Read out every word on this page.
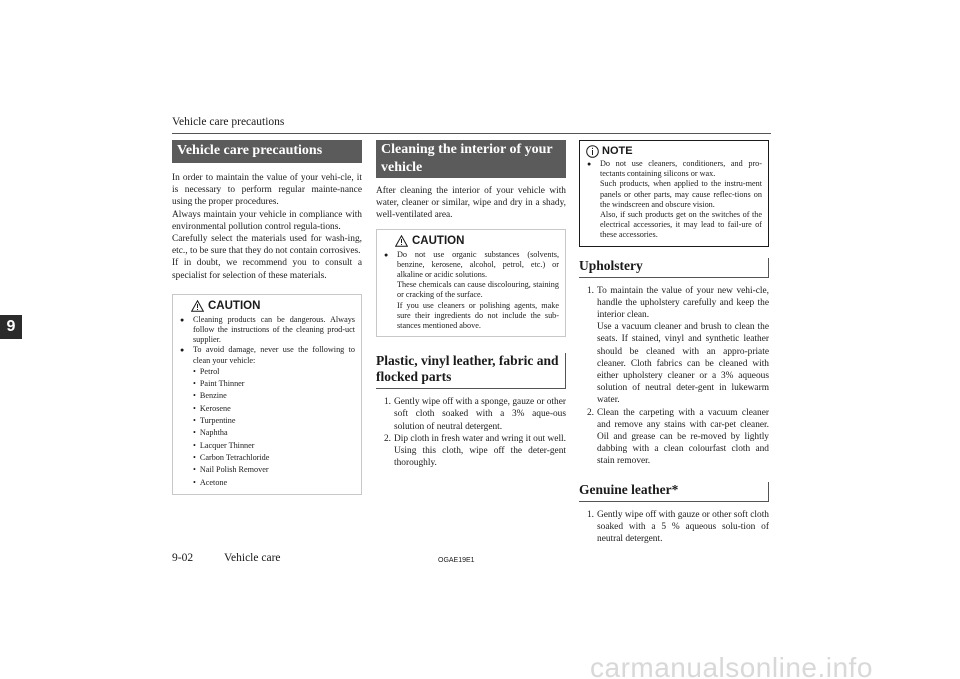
Vehicle care precautions
9
Vehicle care precautions
In order to maintain the value of your vehi-cle, it is necessary to perform regular mainte-nance using the proper procedures.
Always maintain your vehicle in compliance with environmental pollution control regula-tions.
Carefully select the materials used for wash-ing, etc., to be sure that they do not contain corrosives.
If in doubt, we recommend you to consult a specialist for selection of these materials.
CAUTION
●	Cleaning products can be dangerous. Always follow the instructions of the cleaning prod-uct supplier.
●	To avoid damage, never use the following to clean your vehicle:
• Petrol
• Paint Thinner
• Benzine
• Kerosene
• Turpentine
• Naphtha
• Lacquer Thinner
• Carbon Tetrachloride
• Nail Polish Remover
• Acetone
Cleaning the interior of your vehicle
After cleaning the interior of your vehicle with water, cleaner or similar, wipe and dry in a shady, well-ventilated area.
CAUTION
●	Do not use organic substances (solvents, benzine, kerosene, alcohol, petrol, etc.) or alkaline or acidic solutions.
These chemicals can cause discolouring, staining or cracking of the surface.
If you use cleaners or polishing agents, make sure their ingredients do not include the sub-stances mentioned above.
Plastic, vinyl leather, fabric and flocked parts
1. Gently wipe off with a sponge, gauze or other soft cloth soaked with a 3% aque-ous solution of neutral detergent.
2. Dip cloth in fresh water and wring it out well. Using this cloth, wipe off the deter-gent thoroughly.
NOTE
●	Do not use cleaners, conditioners, and pro-tectants containing silicons or wax.
Such products, when applied to the instru-ment panels or other parts, may cause reflec-tions on the windscreen and obscure vision.
Also, if such products get on the switches of the electrical accessories, it may lead to fail-ure of these accessories.
Upholstery
1. To maintain the value of your new vehi-cle, handle the upholstery carefully and keep the interior clean.
Use a vacuum cleaner and brush to clean the seats. If stained, vinyl and synthetic leather should be cleaned with an appro-priate cleaner. Cloth fabrics can be cleaned with either upholstery cleaner or a 3% aqueous solution of neutral deter-gent in lukewarm water.
2. Clean the carpeting with a vacuum cleaner and remove any stains with car-pet cleaner. Oil and grease can be re-moved by lightly dabbing with a clean colourfast cloth and stain remover.
Genuine leather*
1. Gently wipe off with gauze or other soft cloth soaked with a 5 % aqueous solu-tion of neutral detergent.
9-02	Vehicle care	OGAE19E1
carmanualsonline.info
